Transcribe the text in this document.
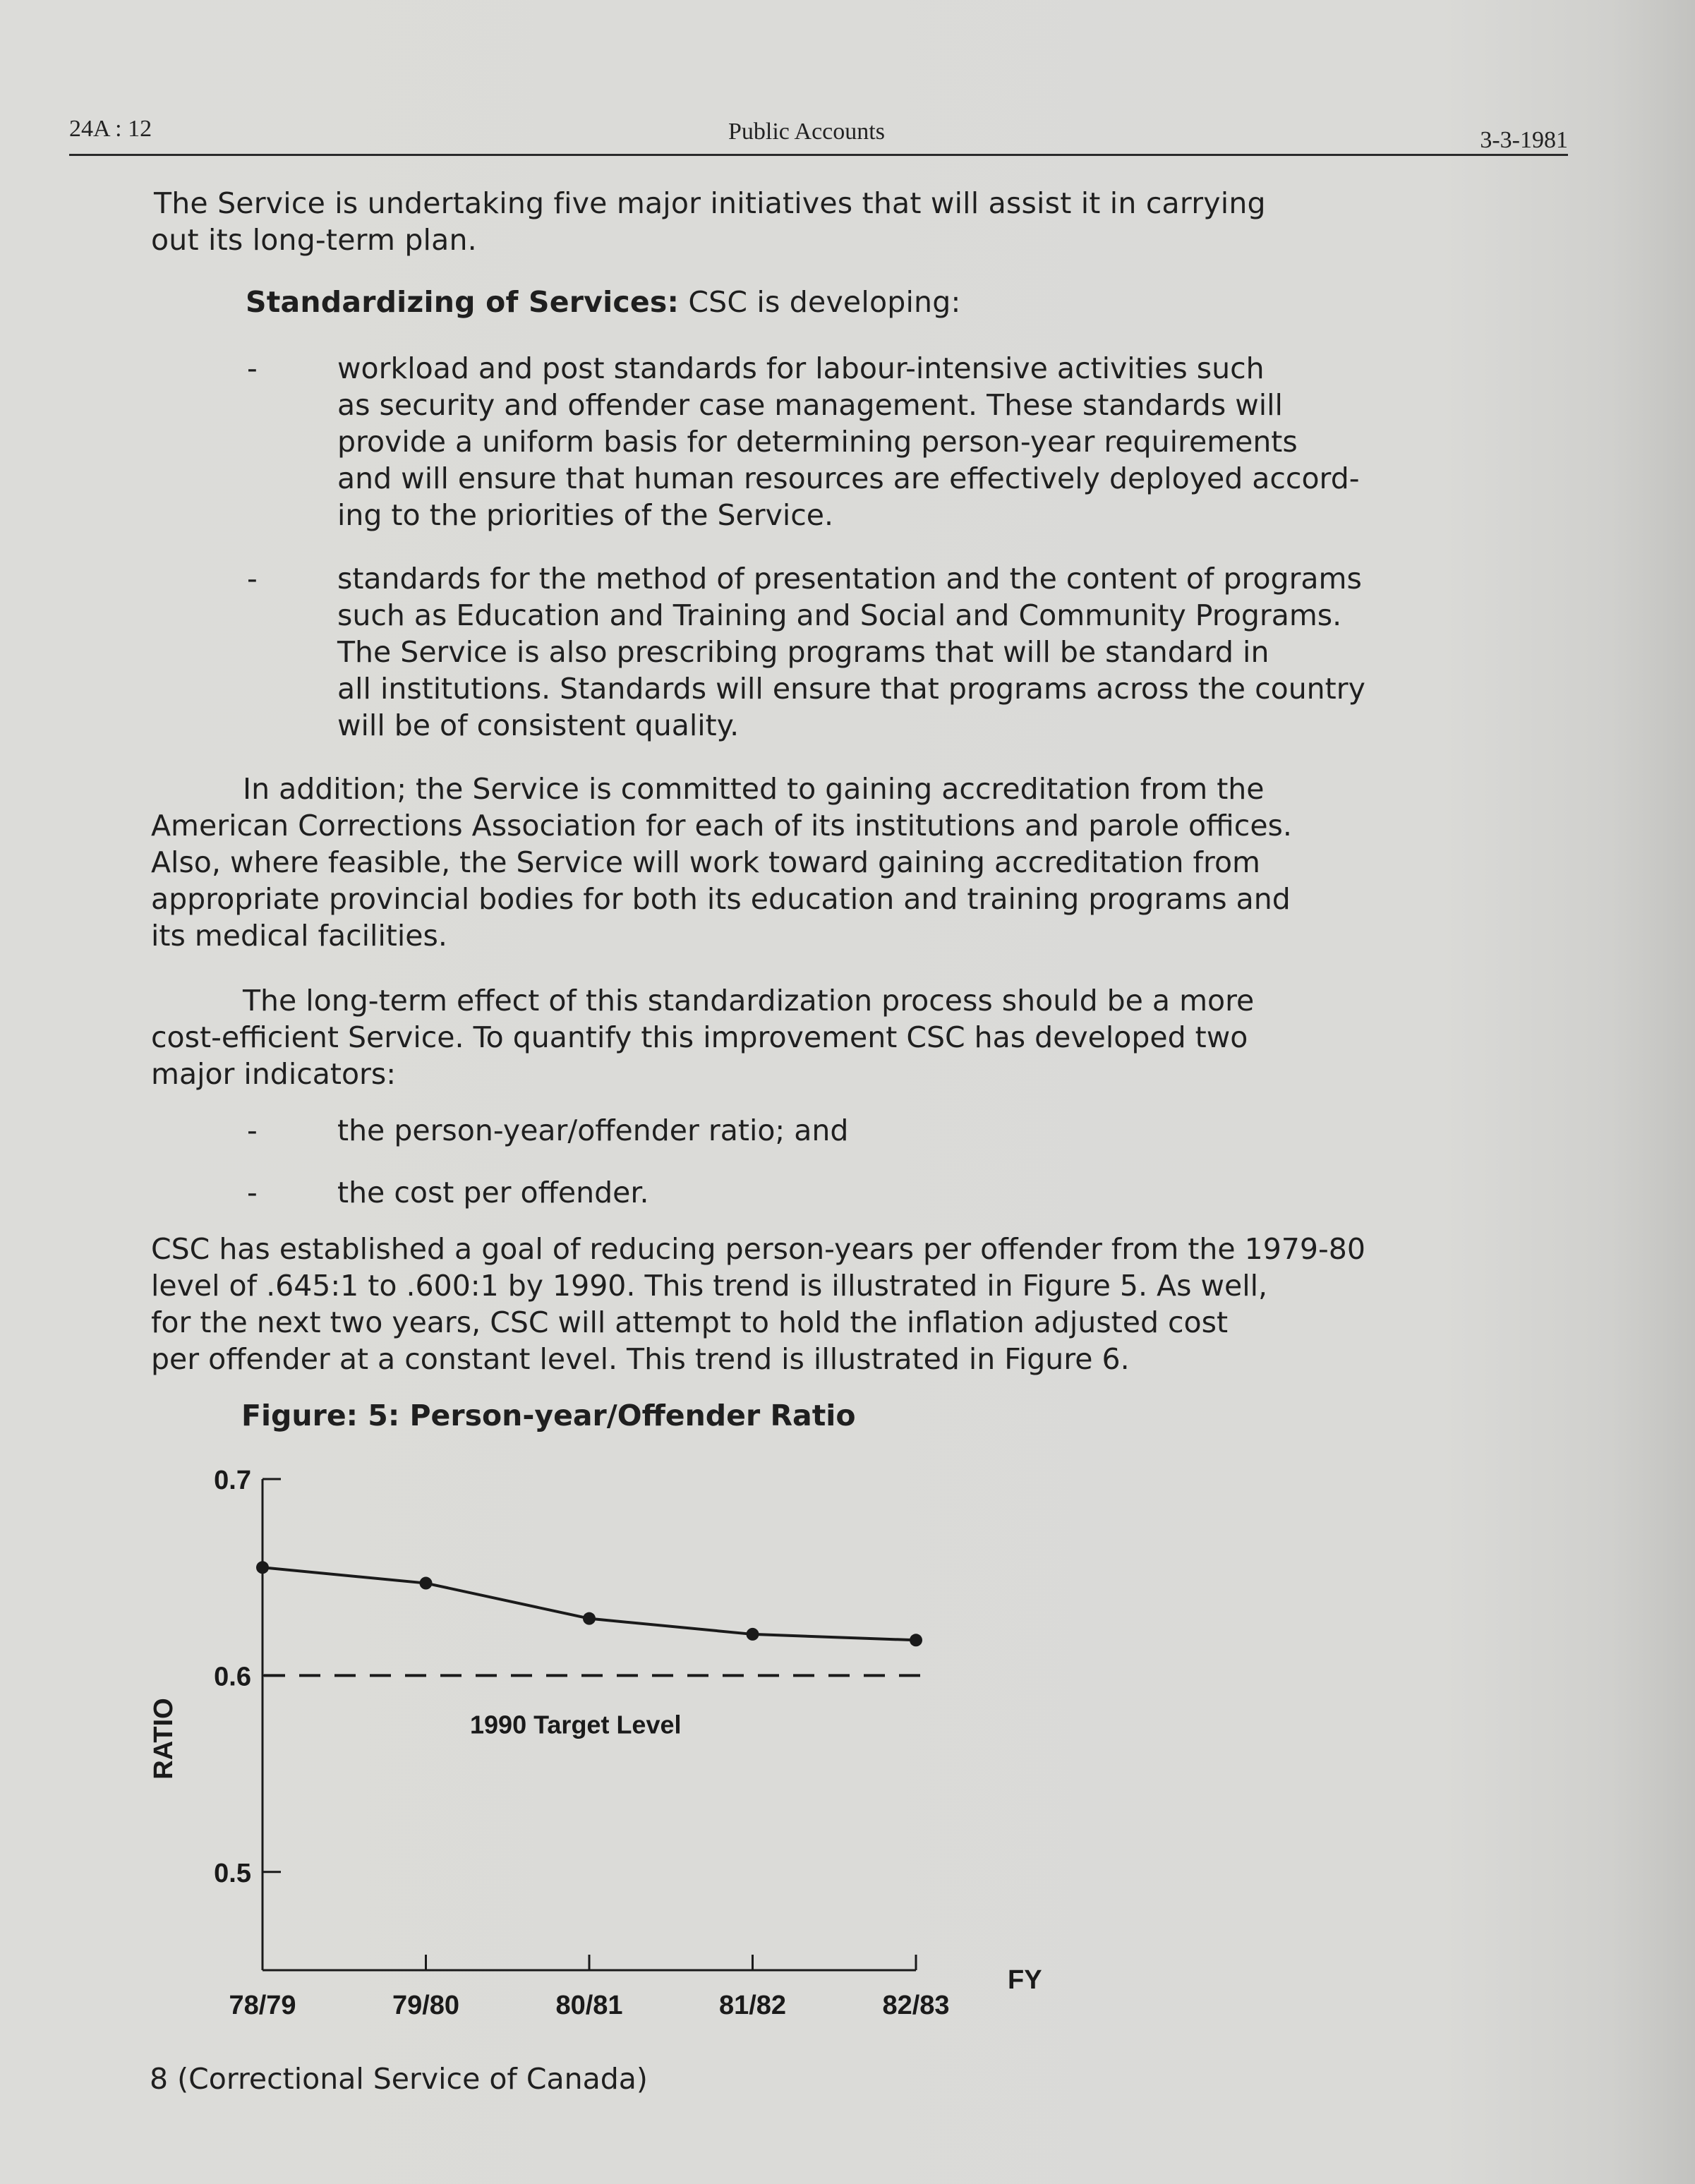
24A : 12	Public Accounts	3-3-1981
The Service is undertaking five major initiatives that will assist it in carrying

out its long-term plan.
Standardizing of Services: CSC is developing:
-	workload and post standards for labour-intensive activities such
as security and offender case management. These standards will
provide a uniform basis for determining person-year requirements
and will ensure that human resources are effectively deployed accord-
ing to the priorities of the Service.
-	standards for the method of presentation and the content of programs
such as Education and Training and Social and Community Programs.
The Service is also prescribing programs that will be standard in
all institutions. Standards will ensure that programs across the country
will be of consistent quality.
In addition; the Service is committed to gaining accreditation from the
American Corrections Association for each of its institutions and parole offices.
Also, where feasible, the Service will work toward gaining accreditation from
appropriate provincial bodies for both its education and training programs and
its medical facilities.
The long-term effect of this standardization process should be a more
cost-efficient Service. To quantify this improvement CSC has developed two
major indicators:
-	the person-year/offender ratio; and
-	the cost per offender.
CSC has established a goal of reducing person-years per offender from the 1979-80
level of .645:1 to .600:1 by 1990. This trend is illustrated in Figure 5. As well,
for the next two years, CSC will attempt to hold the inflation adjusted cost
per offender at a constant level. This trend is illustrated in Figure 6.
Figure: 5: Person-year/Offender Ratio
0.7
0.6
0.5
78/79	79/80	80/81	81/82	82/83
1990 Target Level
FY
RATIO
8 (Correctional Service of Canada)
